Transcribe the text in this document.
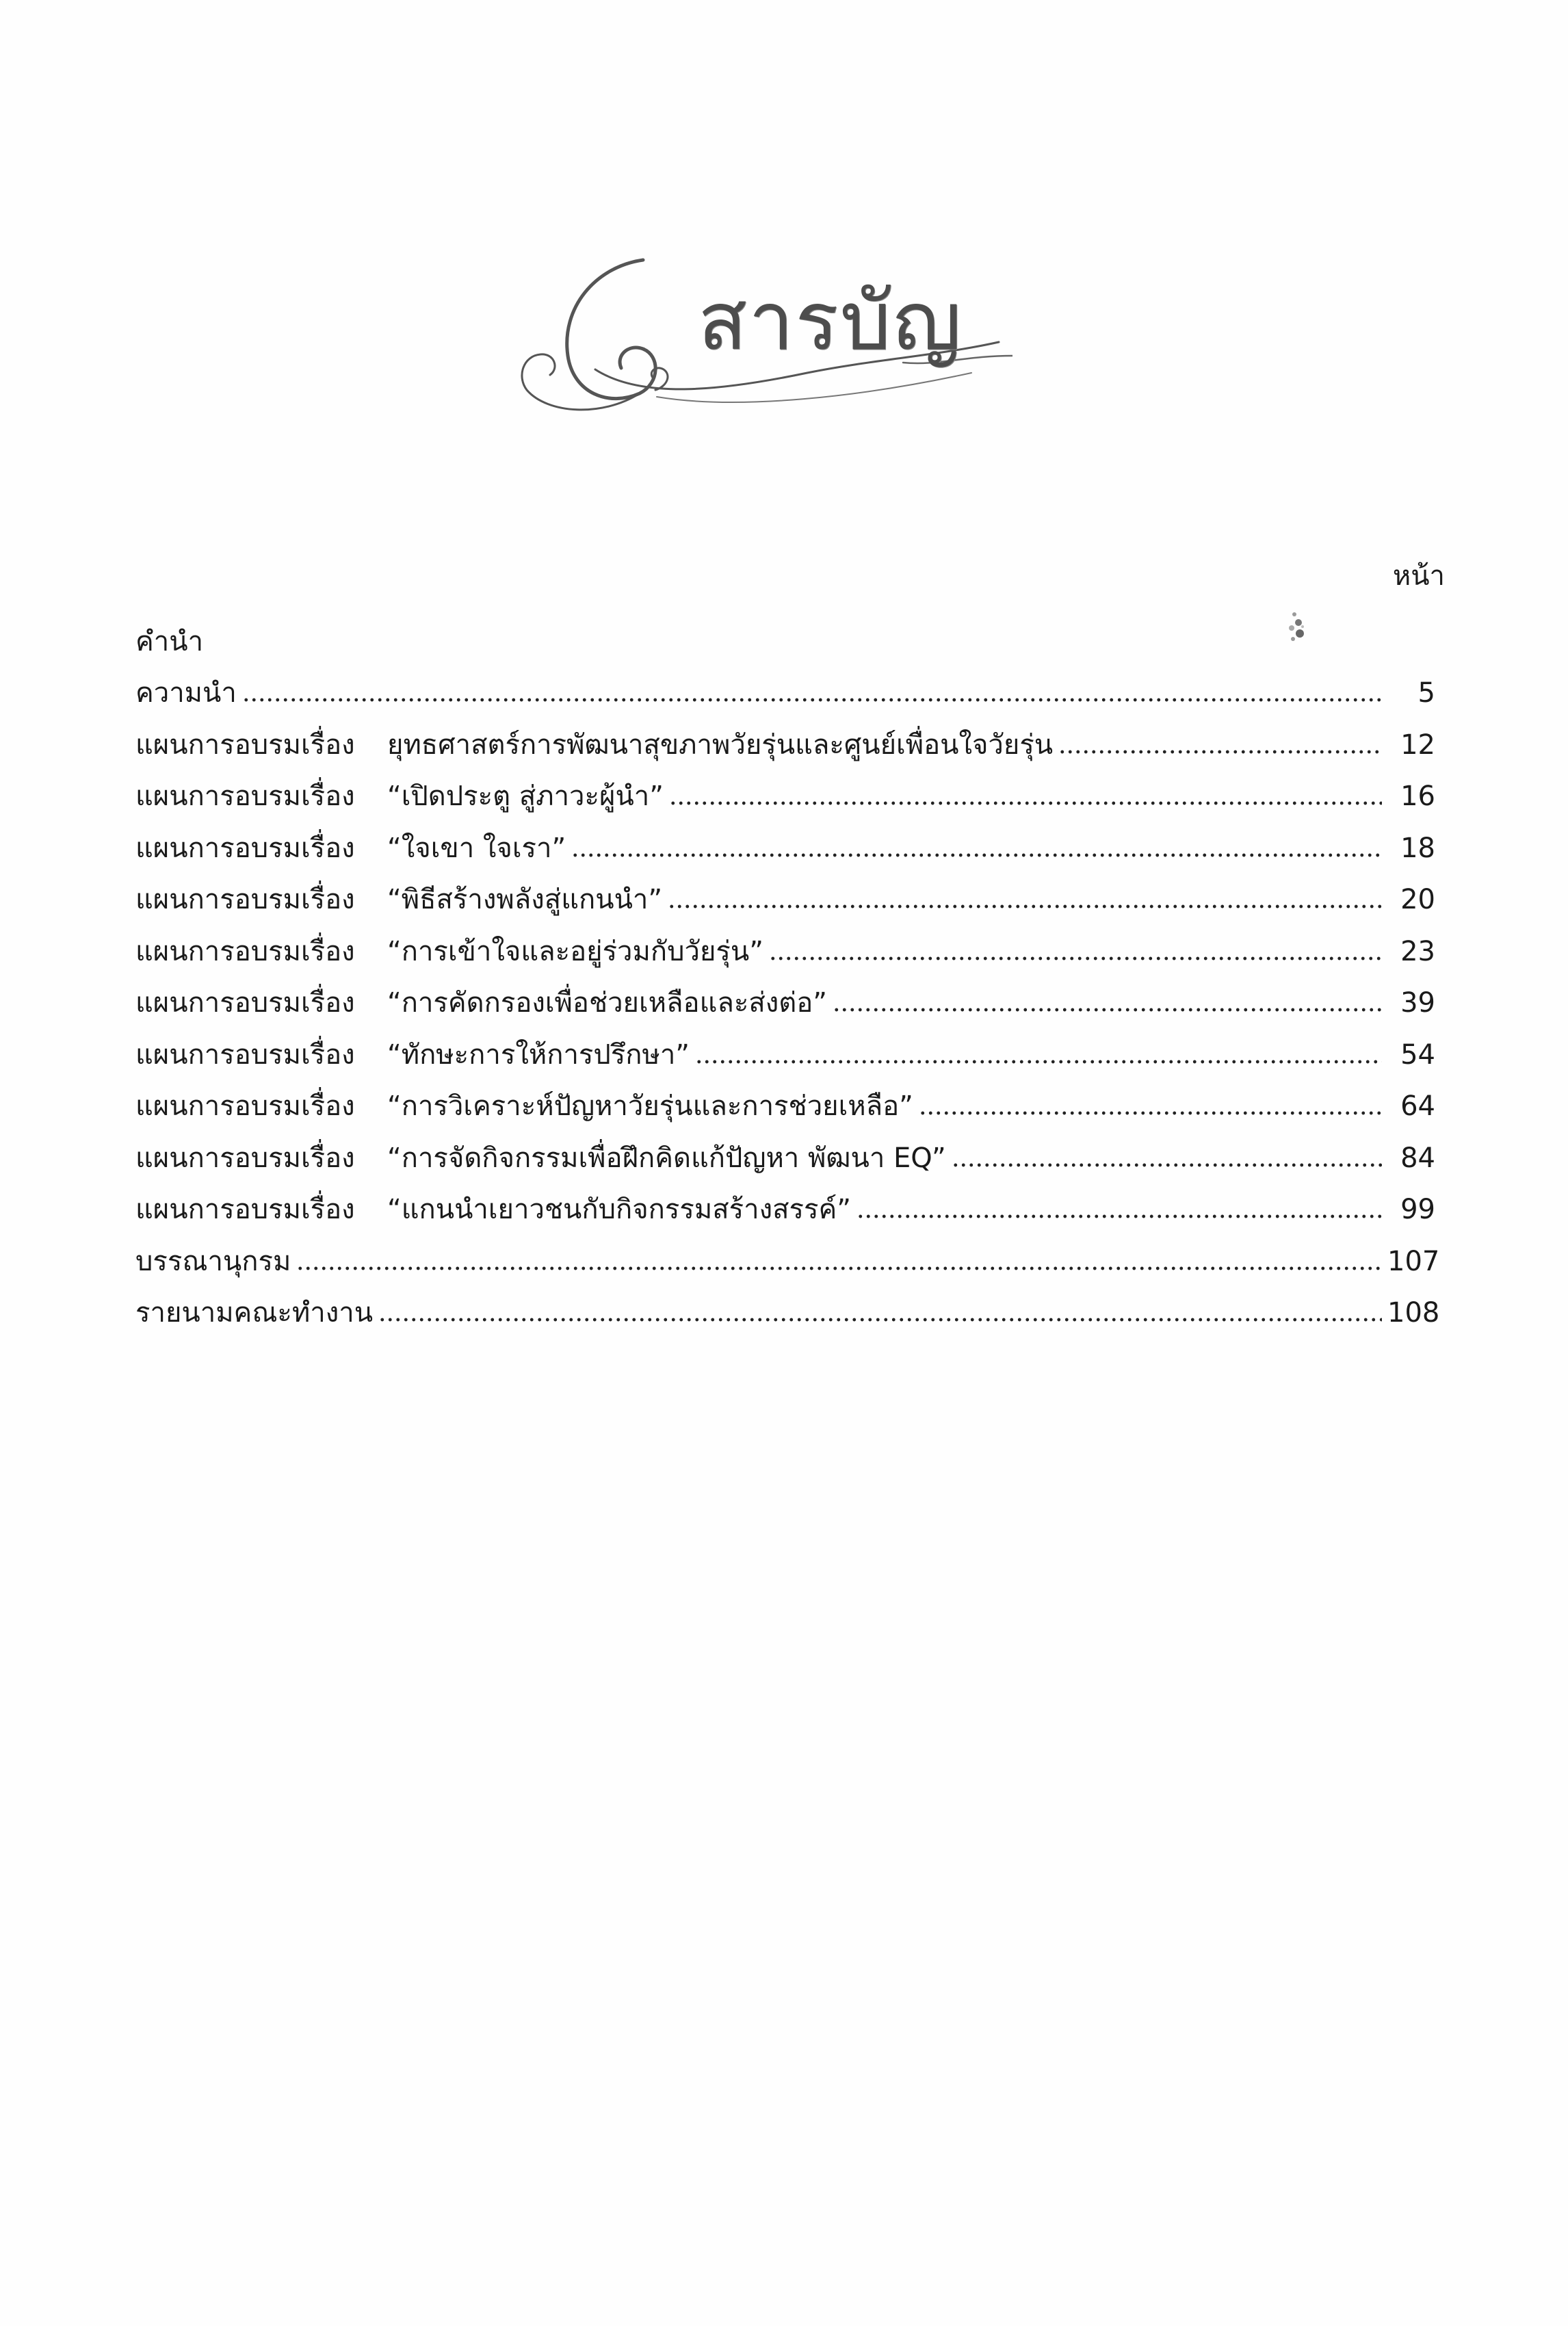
สารบัญ
หน้า
คำนำ
ความนำ	5
แผนการอบรมเรื่อง	ยุทธศาสตร์การพัฒนาสุขภาพวัยรุ่นและศูนย์เพื่อนใจวัยรุ่น	12
แผนการอบรมเรื่อง	“เปิดประตู สู่ภาวะผู้นำ”	16
แผนการอบรมเรื่อง	“ใจเขา ใจเรา”	18
แผนการอบรมเรื่อง	“พิธีสร้างพลังสู่แกนนำ”	20
แผนการอบรมเรื่อง	“การเข้าใจและอยู่ร่วมกับวัยรุ่น”	23
แผนการอบรมเรื่อง	“การคัดกรองเพื่อช่วยเหลือและส่งต่อ”	39
แผนการอบรมเรื่อง	“ทักษะการให้การปรึกษา”	54
แผนการอบรมเรื่อง	“การวิเคราะห์ปัญหาวัยรุ่นและการช่วยเหลือ”	64
แผนการอบรมเรื่อง	“การจัดกิจกรรมเพื่อฝึกคิดแก้ปัญหา พัฒนา EQ”	84
แผนการอบรมเรื่อง	“แกนนำเยาวชนกับกิจกรรมสร้างสรรค์”	99
บรรณานุกรม	107
รายนามคณะทำงาน	108
